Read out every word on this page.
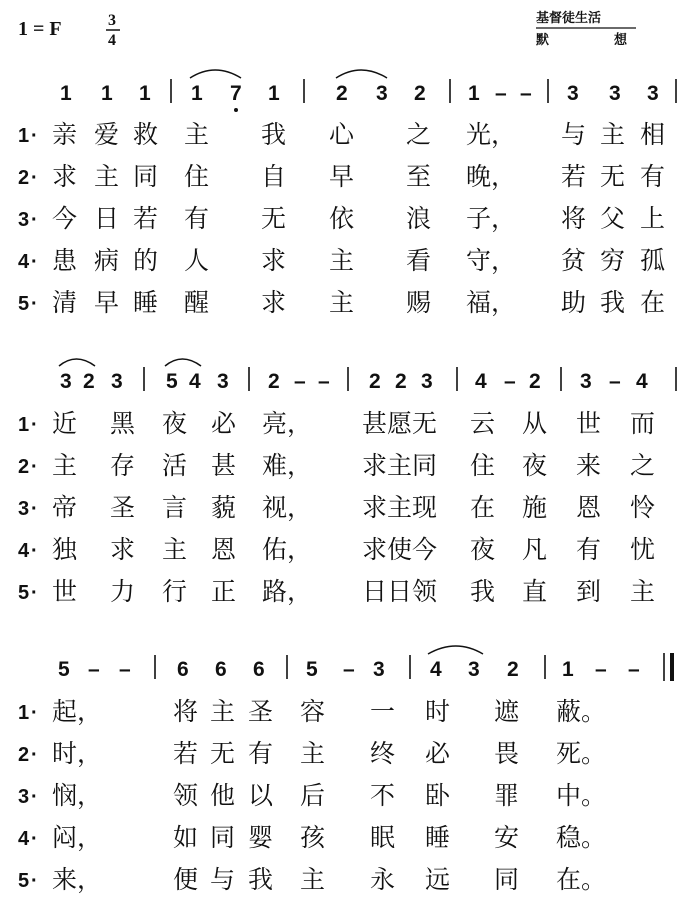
1 = F	3
4
基督徒生活
默	想
1 1 1 1 7 1	2 3 2 1 – – 3 3 3
1 · 亲 爱 救 主 我 心 之 光， 与 主 相
2 · 求 主 同 住 自 早 至 晚， 若 无 有
3 · 今 日 若 有 无 依 浪 子， 将 父 上
4 · 患 病 的 人 求 主 看 守， 贫 穷 孤
5 · 清 早 睡 醒 求 主 赐 福， 助 我 在
3 2 3 5 4 3 2 – – 2 2 3 4 – 2 3 – 4
1 · 近 黑 夜 必 亮， 甚愿无 云 从 世 而
2 · 主 存 活 甚 难， 求主同 住 夜 来 之
3 · 帝 圣 言 藐 视， 求主现 在 施 恩 怜
4 · 独 求 主 恩 佑， 求使今 夜 凡 有 忧
5 · 世 力 行 正 路， 日日领 我 直 到 主
5 – – 6 6 6 5 – 3 4 3 2 1 – –
1 · 起，	将 主 圣 容 一 时 遮 蔽。
2 · 时，	若 无 有 主 终 必 畏 死。
3 · 悯，	领 他 以 后 不 卧 罪 中。
4 · 闷，	如 同 婴 孩 眠 睡 安 稳。
5 · 来，	便 与 我 主 永 远 同 在。
